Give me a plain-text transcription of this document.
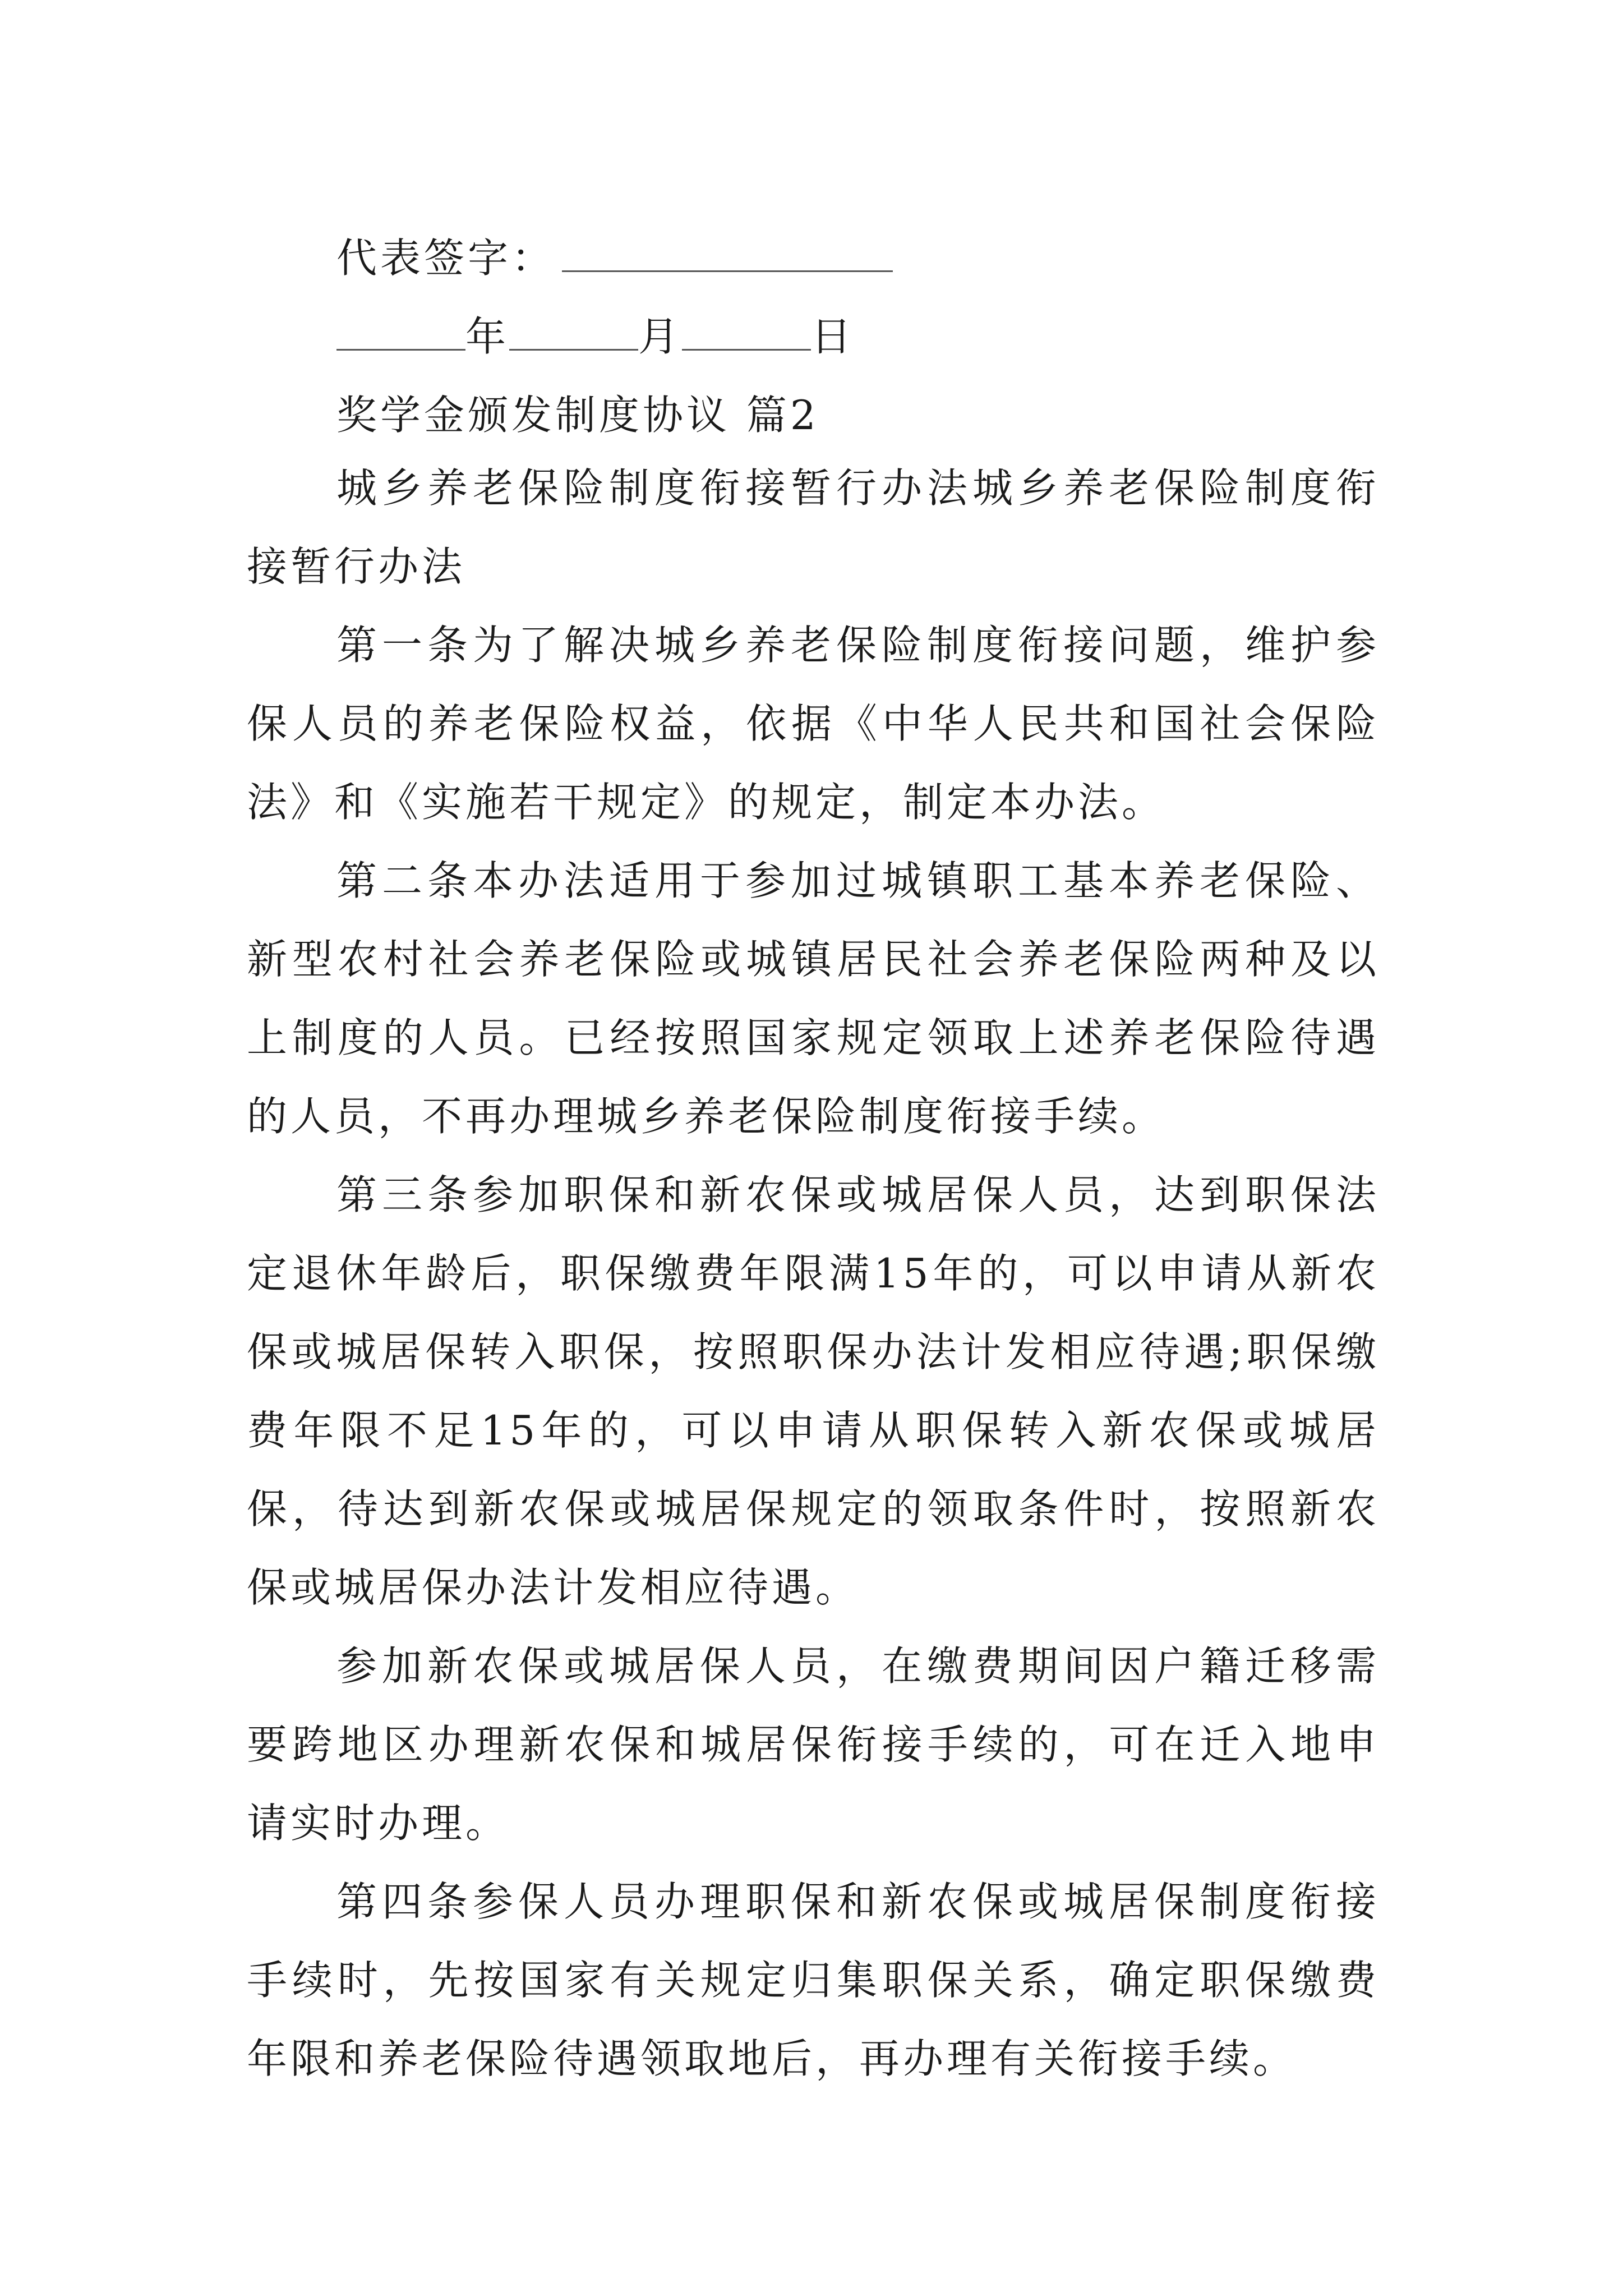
代表签字：
年	月	日
奖学金颁发制度协议 篇2

城乡养老保险制度衔接暂行办法城乡养老保险制度衔接暂行办法

第一条为了解决城乡养老保险制度衔接问题，维护参保人员的养老保险权益，依据《中华人民共和国社会保险法》和《实施若干规定》的规定，制定本办法。

第二条本办法适用于参加过城镇职工基本养老保险、新型农村社会养老保险或城镇居民社会养老保险两种及以上制度的人员。已经按照国家规定领取上述养老保险待遇的人员，不再办理城乡养老保险制度衔接手续。

第三条参加职保和新农保或城居保人员，达到职保法定退休年龄后，职保缴费年限满15年的，可以申请从新农保或城居保转入职保，按照职保办法计发相应待遇;职保缴费年限不足15年的，可以申请从职保转入新农保或城居保，待达到新农保或城居保规定的领取条件时，按照新农保或城居保办法计发相应待遇。

参加新农保或城居保人员，在缴费期间因户籍迁移需要跨地区办理新农保和城居保衔接手续的，可在迁入地申请实时办理。

第四条参保人员办理职保和新农保或城居保制度衔接手续时，先按国家有关规定归集职保关系，确定职保缴费年限和养老保险待遇领取地后，再办理有关衔接手续。
